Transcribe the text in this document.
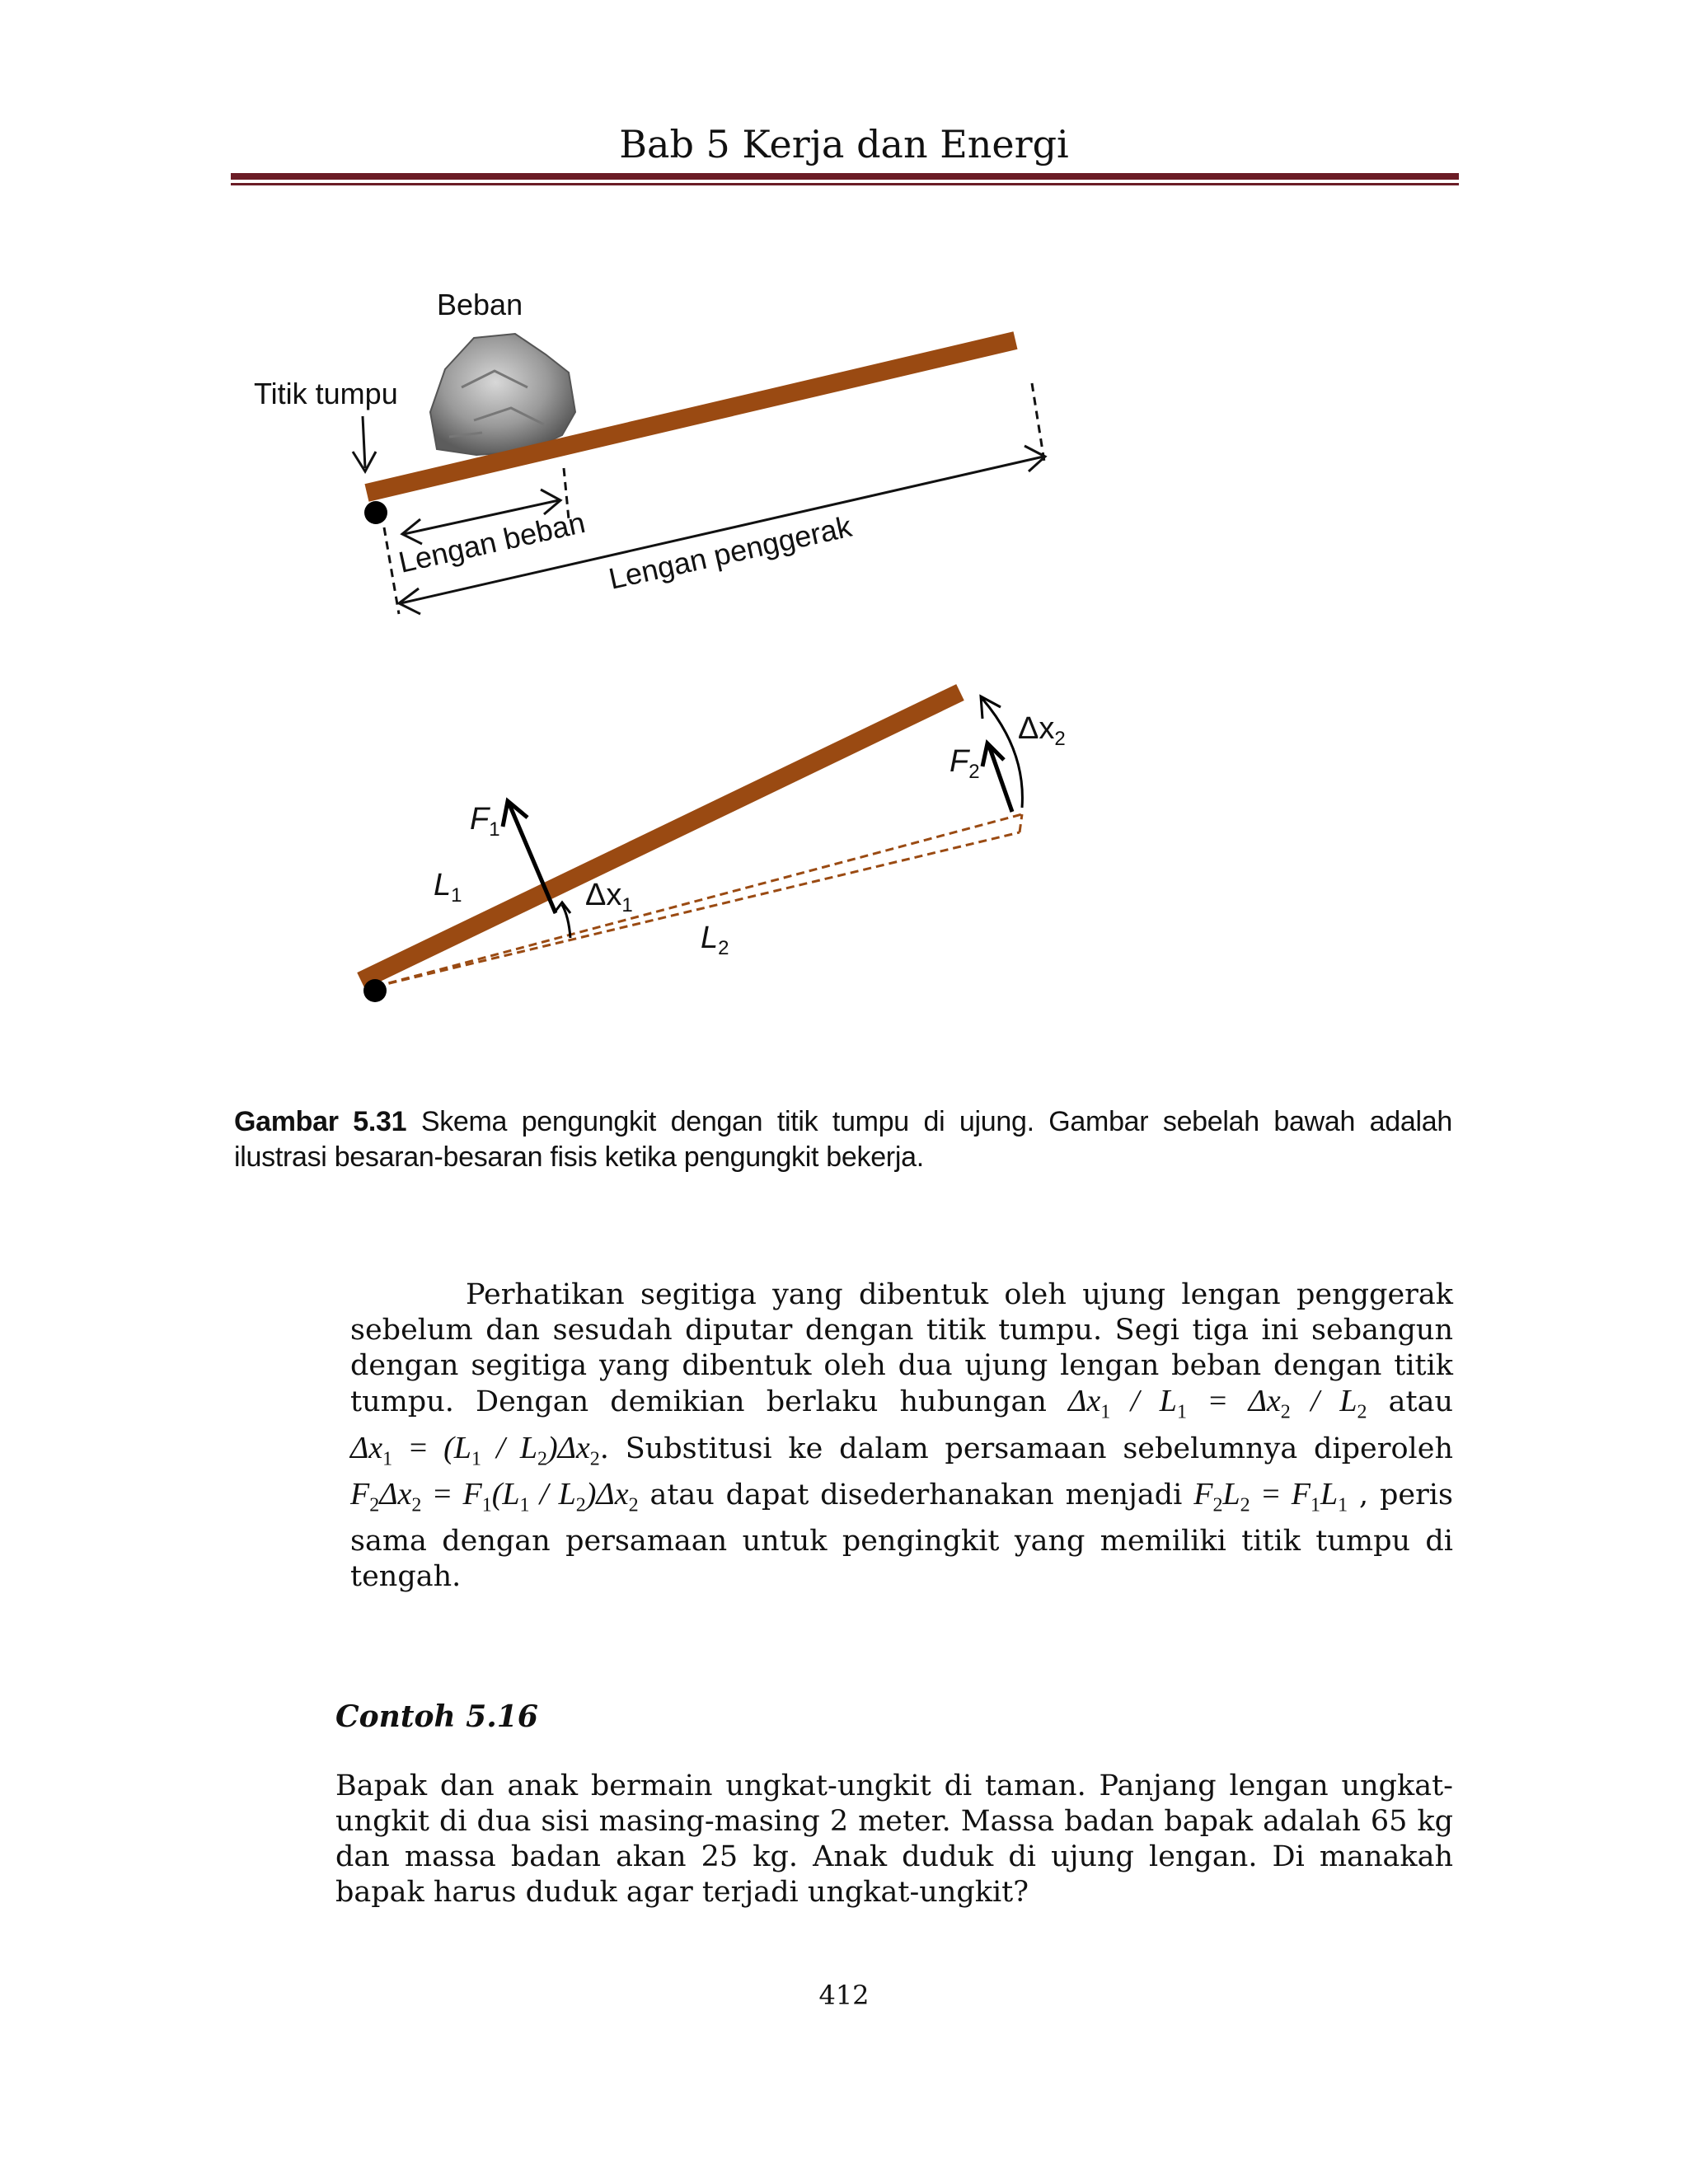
Bab 5 Kerja dan Energi
Beban
Titik tumpu
Lengan beban Lengan penggerak
$F_1$
$L_1$	$\Delta x_1$
$L_2$
$F_2$
$\Delta x_2$
Gambar 5.31 Skema pengungkit dengan titik tumpu di ujung. Gambar sebelah bawah adalah ilustrasi besaran-besaran fisis ketika pengungkit bekerja.
Perhatikan segitiga yang dibentuk oleh ujung lengan penggerak sebelum dan sesudah diputar dengan titik tumpu. Segi tiga ini sebangun dengan segitiga yang dibentuk oleh dua ujung lengan beban dengan titik tumpu. Dengan demikian berlaku hubungan $\Delta x_1 / L_1 = \Delta x_2 / L_2$ atau $\Delta x_1 = (L_1 / L_2)\Delta x_2$. Substitusi ke dalam persamaan sebelumnya diperoleh $F_2\Delta x_2 = F_1(L_1 / L_2)\Delta x_2$ atau dapat disederhanakan menjadi $F_2L_2 = F_1L_1$ , peris sama dengan persamaan untuk pengingkit yang memiliki titik tumpu di tengah.
Contoh 5.16
Bapak dan anak bermain ungkat-ungkit di taman. Panjang lengan ungkat-ungkit di dua sisi masing-masing 2 meter. Massa badan bapak adalah 65 kg dan massa badan akan 25 kg. Anak duduk di ujung lengan. Di manakah bapak harus duduk agar terjadi ungkat-ungkit?
412
